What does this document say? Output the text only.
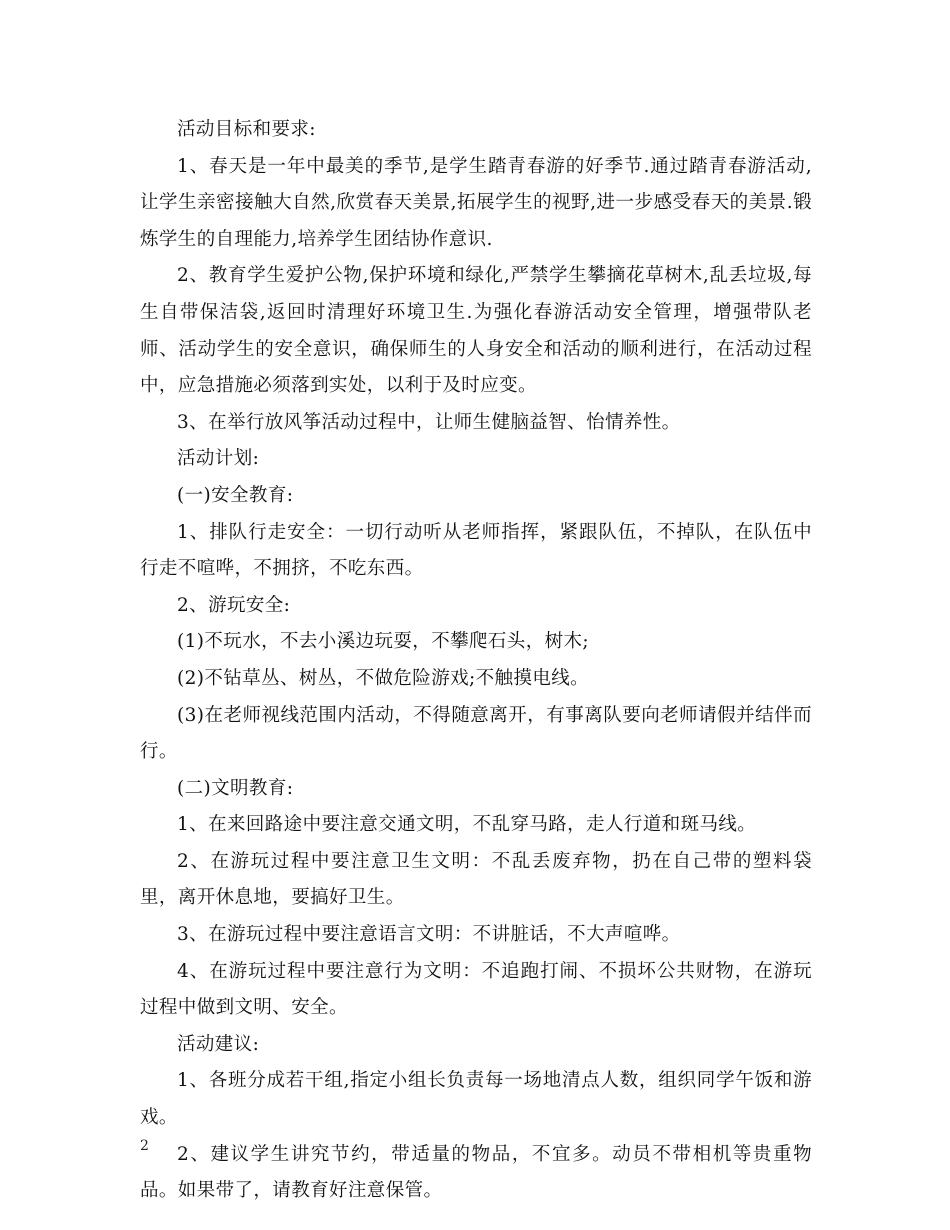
活动目标和要求:

1、春天是一年中最美的季节,是学生踏青春游的好季节.通过踏青春游活动,让学生亲密接触大自然,欣赏春天美景,拓展学生的视野,进一步感受春天的美景.锻炼学生的自理能力,培养学生团结协作意识.

2、教育学生爱护公物,保护环境和绿化,严禁学生攀摘花草树木,乱丢垃圾,每生自带保洁袋,返回时清理好环境卫生.为强化春游活动安全管理，增强带队老师、活动学生的安全意识，确保师生的人身安全和活动的顺利进行，在活动过程中，应急措施必须落到实处，以利于及时应变。

3、在举行放风筝活动过程中，让师生健脑益智、怡情养性。

活动计划:

(一)安全教育:

1、排队行走安全：一切行动听从老师指挥，紧跟队伍，不掉队，在队伍中行走不喧哗，不拥挤，不吃东西。

2、游玩安全:

(1)不玩水，不去小溪边玩耍，不攀爬石头，树木;

(2)不钻草丛、树丛，不做危险游戏;不触摸电线。

(3)在老师视线范围内活动，不得随意离开，有事离队要向老师请假并结伴而行。

(二)文明教育:

1、在来回路途中要注意交通文明，不乱穿马路，走人行道和斑马线。

2、在游玩过程中要注意卫生文明：不乱丢废弃物，扔在自己带的塑料袋里，离开休息地，要搞好卫生。

3、在游玩过程中要注意语言文明：不讲脏话，不大声喧哗。

4、在游玩过程中要注意行为文明：不追跑打闹、不损坏公共财物，在游玩过程中做到文明、安全。

活动建议:

1、各班分成若干组,指定小组长负责每一场地清点人数，组织同学午饭和游戏。

2、建议学生讲究节约，带适量的物品，不宜多。动员不带相机等贵重物品。如果带了，请教育好注意保管。

2
